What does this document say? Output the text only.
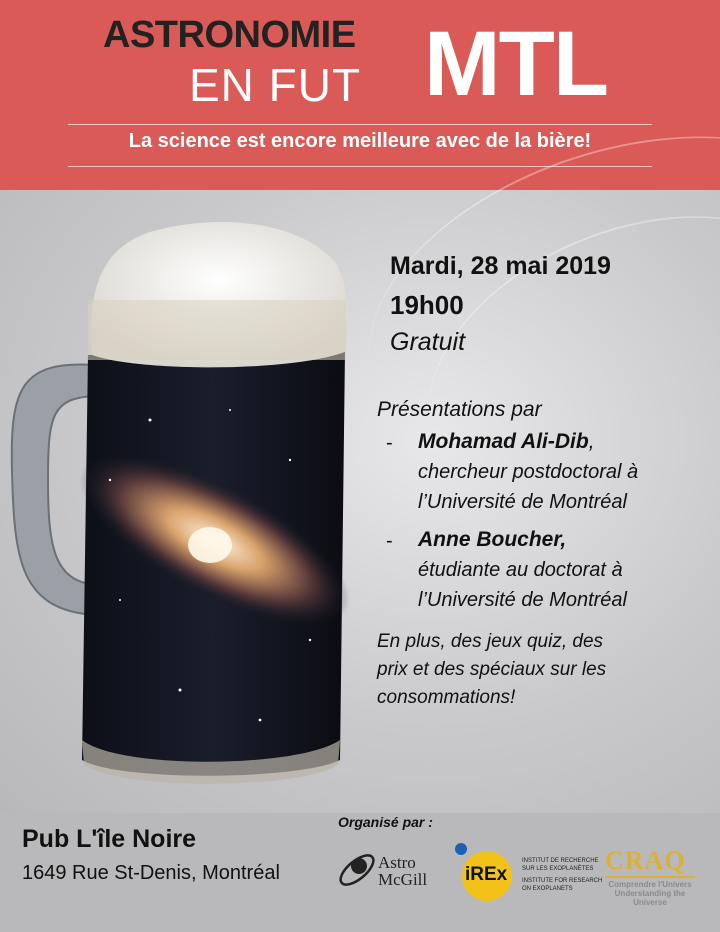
ASTRONOMIE
EN FUT MTL
La science est encore meilleure avec de la bière!
Mardi, 28 mai 2019
19h00
Gratuit
Présentations par
- Mohamad Ali-Dib,
chercheur postdoctoral à
l’Université de Montréal
- Anne Boucher,
étudiante au doctorat à
l’Université de Montréal
En plus, des jeux quiz, des
prix et des spéciaux sur les
consommations!
Pub L'île Noire
1649 Rue St-Denis, Montréal
Organisé par :
Astro
McGill iREx
INSTITUT DE RECHERCHE
SUR LES EXOPLANÈTES
INSTITUTE FOR RESEARCH
ON EXOPLANETS
CRAQ
Comprendre l'Univers
Understanding the Universe
